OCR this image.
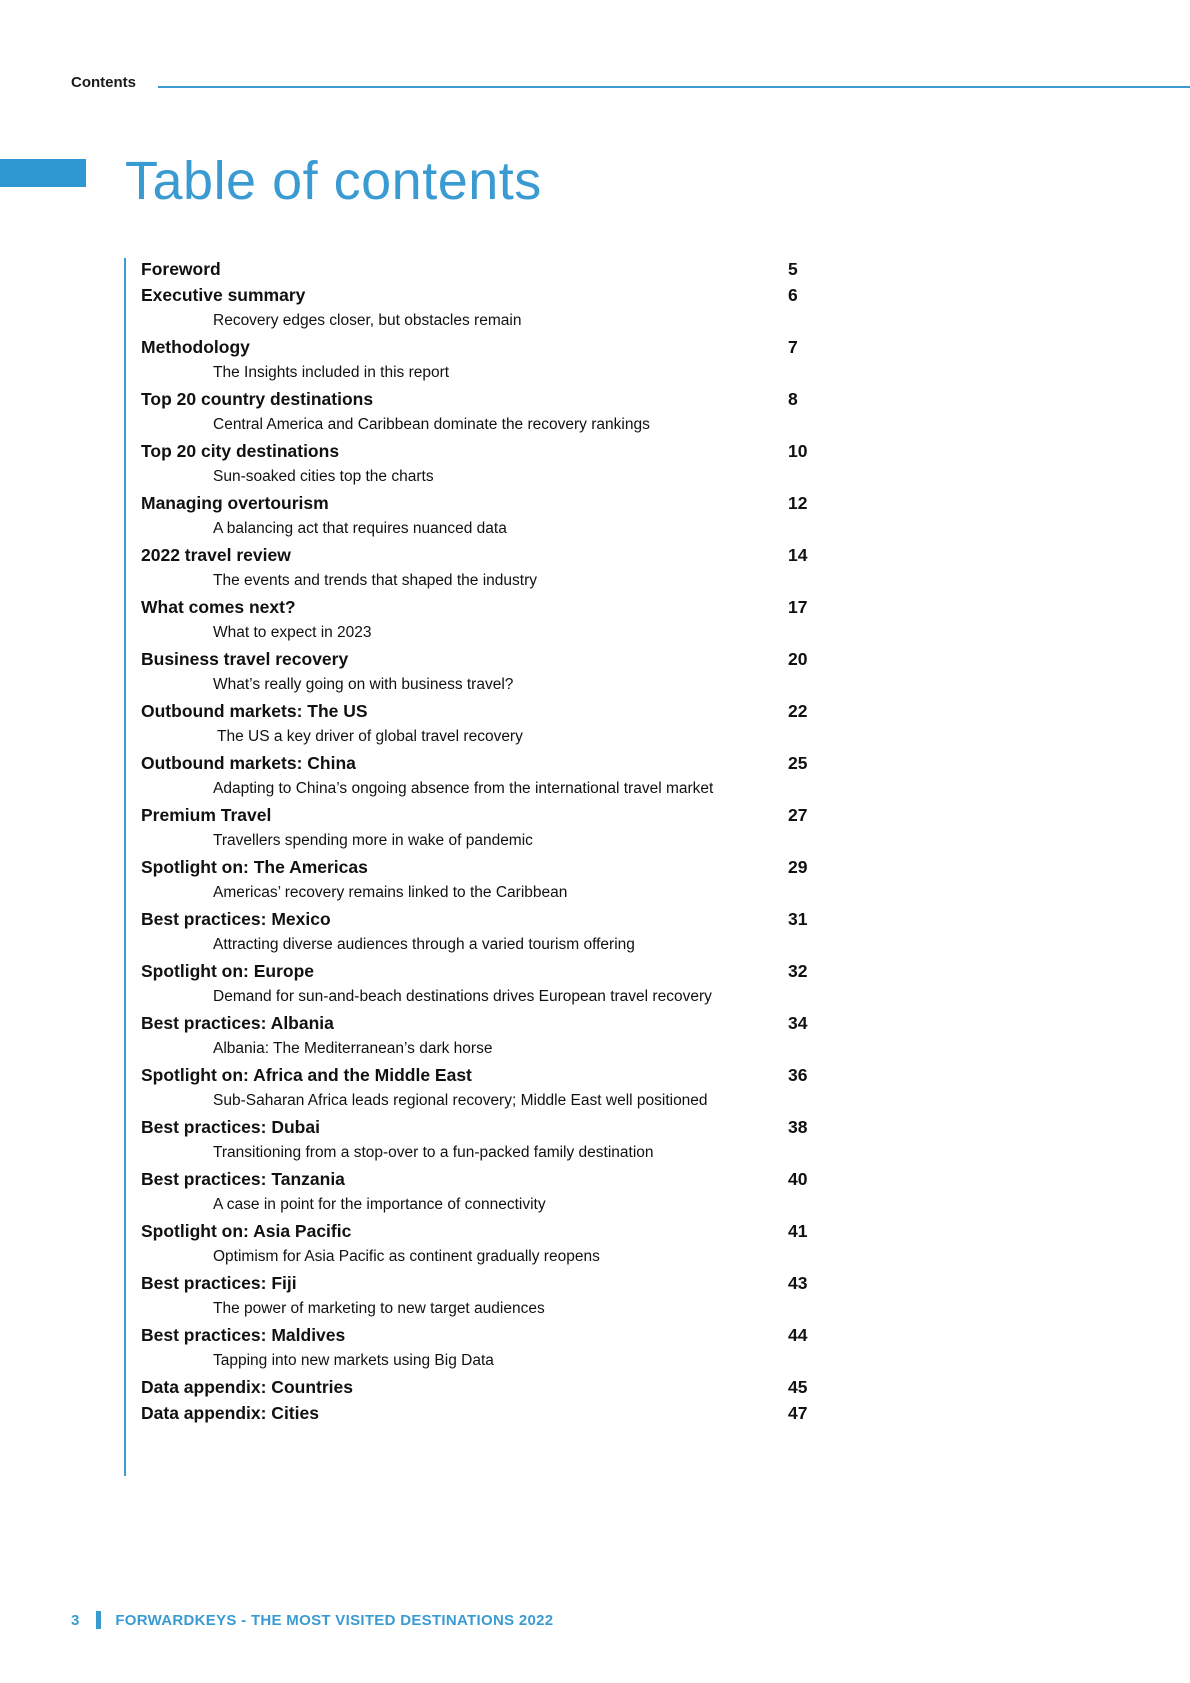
Contents
Table of contents
Foreword	5
Executive summary	6
Recovery edges closer, but obstacles remain
Methodology	7
The Insights included in this report
Top 20 country destinations	8
Central America and Caribbean dominate the recovery rankings
Top 20 city destinations	10
Sun-soaked cities top the charts
Managing overtourism	12
A balancing act that requires nuanced data
2022 travel review	14
The events and trends that shaped the industry
What comes next?	17
What to expect in 2023
Business travel recovery	20
What’s really going on with business travel?
Outbound markets: The US	22
The US a key driver of global travel recovery
Outbound markets: China	25
Adapting to China’s ongoing absence from the international travel market
Premium Travel	27
Travellers spending more in wake of pandemic
Spotlight on: The Americas	29
Americas’ recovery remains linked to the Caribbean
Best practices: Mexico	31
Attracting diverse audiences through a varied tourism offering
Spotlight on: Europe	32
Demand for sun-and-beach destinations drives European travel recovery
Best practices: Albania	34
Albania: The Mediterranean’s dark horse
Spotlight on: Africa and the Middle East	36
Sub-Saharan Africa leads regional recovery; Middle East well positioned
Best practices: Dubai	38
Transitioning from a stop-over to a fun-packed family destination
Best practices: Tanzania	40
A case in point for the importance of connectivity
Spotlight on: Asia Pacific	41
Optimism for Asia Pacific as continent gradually reopens
Best practices: Fiji	43
The power of marketing to new target audiences
Best practices: Maldives	44
Tapping into new markets using Big Data
Data appendix: Countries	45
Data appendix: Cities	47
3 FORWARDKEYS - THE MOST VISITED DESTINATIONS 2022
